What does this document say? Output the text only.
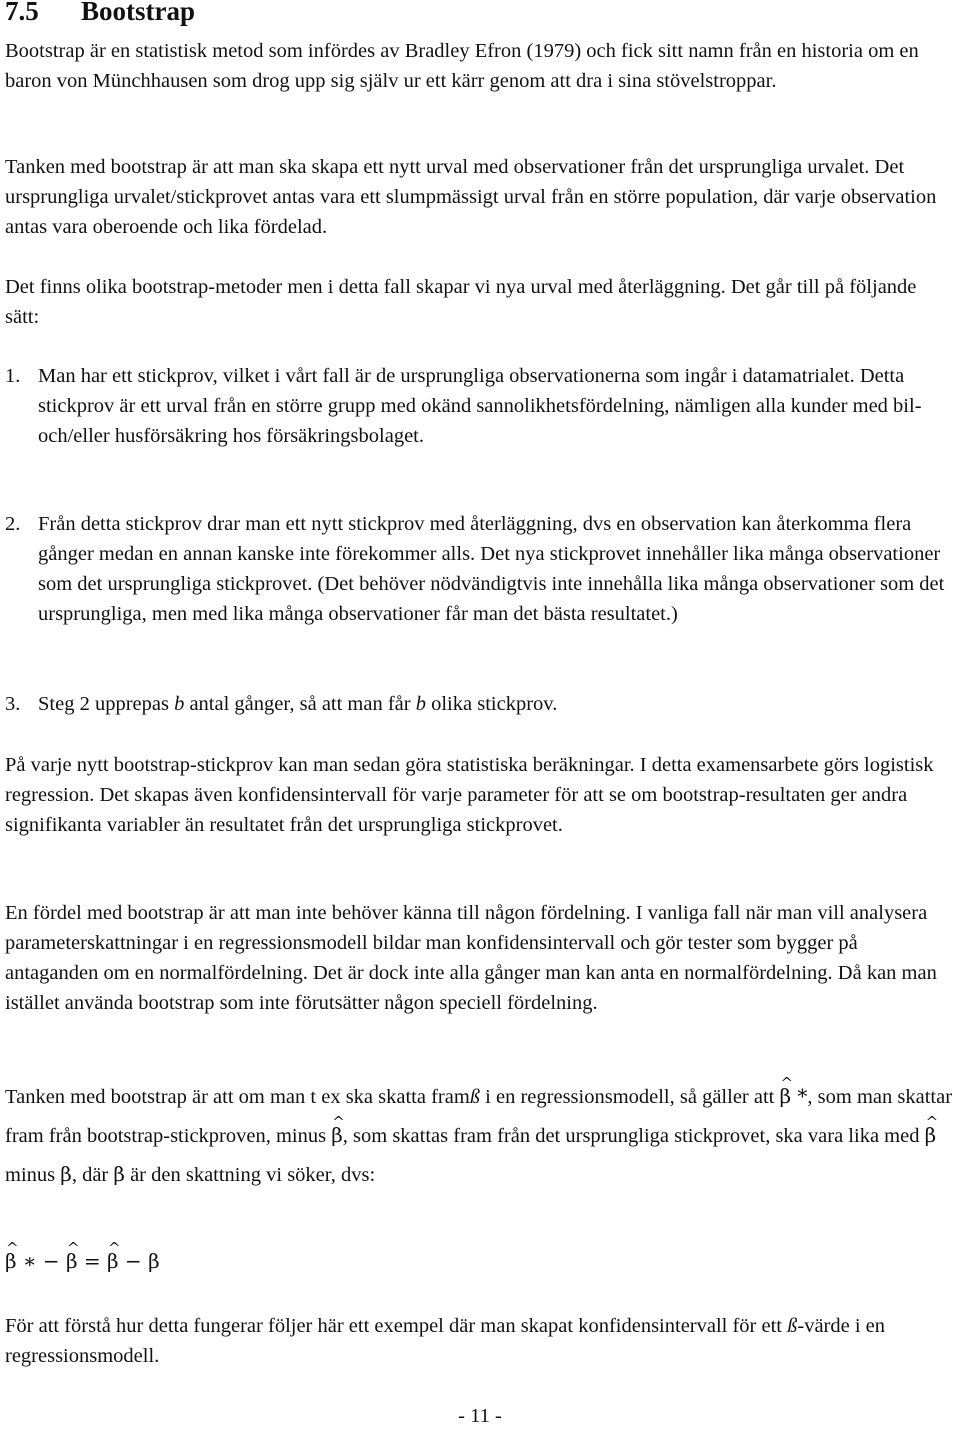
7.5 Bootstrap

Bootstrap är en statistisk metod som infördes av Bradley Efron (1979) och fick sitt namn från en historia om en baron von Münchhausen som drog upp sig själv ur ett kärr genom att dra i sina stövelstroppar.

Tanken med bootstrap är att man ska skapa ett nytt urval med observationer från det ursprungliga urvalet. Det ursprungliga urvalet/stickprovet antas vara ett slumpmässigt urval från en större population, där varje observation antas vara oberoende och lika fördelad.

Det finns olika bootstrap-metoder men i detta fall skapar vi nya urval med återläggning. Det går till på följande sätt:

1. Man har ett stickprov, vilket i vårt fall är de ursprungliga observationerna som ingår i datamatrialet. Detta stickprov är ett urval från en större grupp med okänd sannolikhetsfördelning, nämligen alla kunder med bil- och/eller husförsäkring hos försäkringsbolaget.
2. Från detta stickprov drar man ett nytt stickprov med återläggning, dvs en observation kan återkomma flera gånger medan en annan kanske inte förekommer alls. Det nya stickprovet innehåller lika många observationer som det ursprungliga stickprovet. (Det behöver nödvändigtvis inte innehålla lika många observationer som det ursprungliga, men med lika många observationer får man det bästa resultatet.)
3. Steg 2 upprepas b antal gånger, så att man får b olika stickprov.

På varje nytt bootstrap-stickprov kan man sedan göra statistiska beräkningar. I detta examensarbete görs logistisk regression. Det skapas även konfidensintervall för varje parameter för att se om bootstrap-resultaten ger andra signifikanta variabler än resultatet från det ursprungliga stickprovet.

En fördel med bootstrap är att man inte behöver känna till någon fördelning. I vanliga fall när man vill analysera parameterskattningar i en regressionsmodell bildar man konfidensintervall och gör tester som bygger på antaganden om en normalfördelning. Det är dock inte alla gånger man kan anta en normalfördelning. Då kan man istället använda bootstrap som inte förutsätter någon speciell fördelning.

Tanken med bootstrap är att om man t ex ska skatta framß i en regressionsmodell, så gäller att ^ β *, som man skattar fram från bootstrap-stickproven, minus ^ β, som skattas fram från det ursprungliga stickprovet, ska vara lika med ^ β minus β, där β är den skattning vi söker, dvs:

^ β ∗ − ^ β = ^ β − β

För att förstå hur detta fungerar följer här ett exempel där man skapat konfidensintervall för ett ß-värde i en regressionsmodell.

- 11 -
